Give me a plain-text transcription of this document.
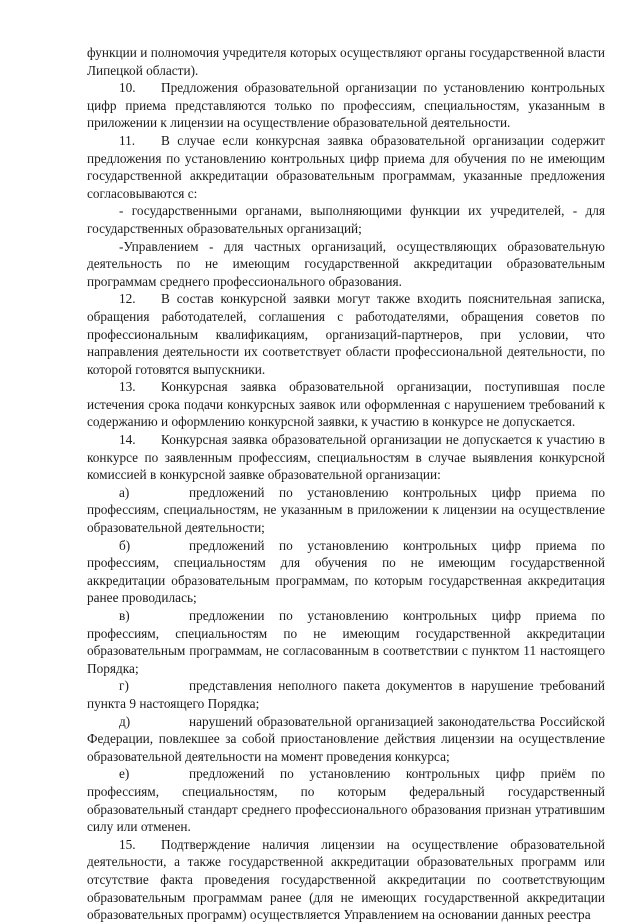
функции и полномочия учредителя которых осуществляют органы государственной власти Липецкой области).

10. Предложения образовательной организации по установлению контрольных цифр приема представляются только по профессиям, специальностям, указанным в приложении к лицензии на осуществление образовательной деятельности.

11. В случае если конкурсная заявка образовательной организации содержит предложения по установлению контрольных цифр приема для обучения по не имеющим государственной аккредитации образовательным программам, указанные предложения согласовываются с:

- государственными органами, выполняющими функции их учредителей, - для государственных образовательных организаций;

-Управлением - для частных организаций, осуществляющих образовательную деятельность по не имеющим государственной аккредитации образовательным программам среднего профессионального образования.

12. В состав конкурсной заявки могут также входить пояснительная записка, обращения работодателей, соглашения с работодателями, обращения советов по профессиональным квалификациям, организаций-партнеров, при условии, что направления деятельности их соответствует области профессиональной деятельности, по которой готовятся выпускники.

13. Конкурсная заявка образовательной организации, поступившая после истечения срока подачи конкурсных заявок или оформленная с нарушением требований к содержанию и оформлению конкурсной заявки, к участию в конкурсе не допускается.

14. Конкурсная заявка образовательной организации не допускается к участию в конкурсе по заявленным профессиям, специальностям в случае выявления конкурсной комиссией в конкурсной заявке образовательной организации:

а)	предложений по установлению контрольных цифр приема по профессиям, специальностям, не указанным в приложении к лицензии на осуществление образовательной деятельности;

б)	предложений по установлению контрольных цифр приема по профессиям, специальностям для обучения по не имеющим государственной аккредитации образовательным программам, по которым государственная аккредитация ранее проводилась;

в)	предложении по установлению контрольных цифр приема по профессиям, специальностям по не имеющим государственной аккредитации образовательным программам, не согласованным в соответствии с пунктом 11 настоящего Порядка;

г)	представления неполного пакета документов в нарушение требований пункта 9 настоящего Порядка;

д)	нарушений образовательной организацией законодательства Российской Федерации, повлекшее за собой приостановление действия лицензии на осуществление образовательной деятельности на момент проведения конкурса;

е)	предложений по установлению контрольных цифр приём по профессиям, специальностям, по которым федеральный государственный образовательный стандарт среднего профессионального образования признан утратившим силу или отменен.

15. Подтверждение наличия лицензии на осуществление образовательной деятельности, а также государственной аккредитации образовательных программ или отсутствие факта проведения государственной аккредитации по соответствующим образовательным программам ранее (для не имеющих государственной аккредитации образовательных программ) осуществляется Управлением на основании данных реестра
